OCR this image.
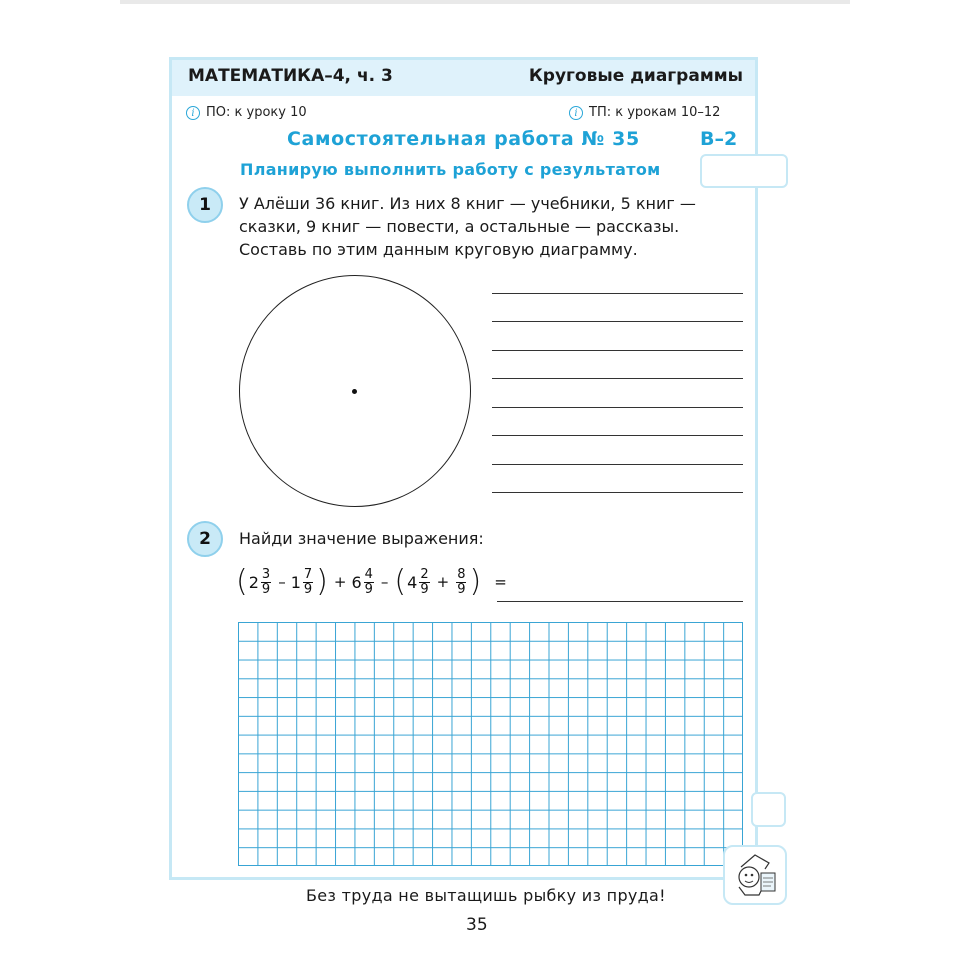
МАТЕМАТИКА–4, ч. 3	Круговые диаграммы
i ПО: к уроку 10	i ТП: к урокам 10–12
Самостоятельная работа № 35	В–2
Планирую выполнить работу с результатом
1	У Алёши 36 книг. Из них 8 книг — учебники, 5 книг —
сказки, 9 книг — повести, а остальные — рассказы.
Составь по этим данным круговую диаграмму.
2	Найди значение выражения:
( $2 \frac{3}{9} - 1 \frac{7}{9}$ ) + $6 \frac{4}{9}$ – ( $4 \frac{2}{9} + \frac{8}{9}$ ) =
Без труда не вытащишь рыбку из пруда!
35
